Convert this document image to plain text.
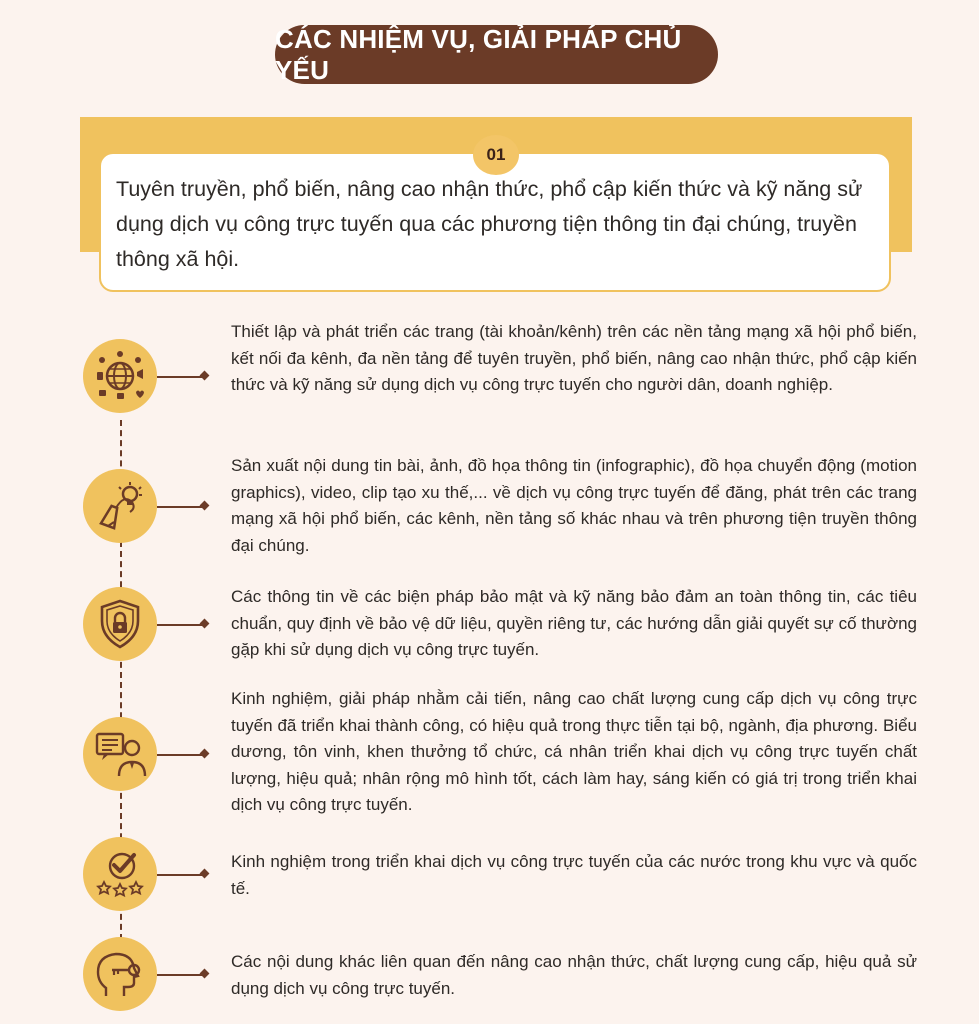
CÁC NHIỆM VỤ, GIẢI PHÁP CHỦ YẾU
01
Tuyên truyền, phổ biến, nâng cao nhận thức, phổ cập kiến thức và kỹ năng sử dụng dịch vụ công trực tuyến qua các phương tiện thông tin đại chúng, truyền thông xã hội.
Thiết lập và phát triển các trang (tài khoản/kênh) trên các nền tảng mạng xã hội phổ biến, kết nối đa kênh, đa nền tảng để tuyên truyền, phổ biến, nâng cao nhận thức, phổ cập kiến thức và kỹ năng sử dụng dịch vụ công trực tuyến cho người dân, doanh nghiệp.
Sản xuất nội dung tin bài, ảnh, đồ họa thông tin (infographic), đồ họa chuyển động (motion graphics), video, clip tạo xu thế,... về dịch vụ công trực tuyến để đăng, phát trên các trang mạng xã hội phổ biến, các kênh, nền tảng số khác nhau và trên phương tiện truyền thông đại chúng.
Các thông tin về các biện pháp bảo mật và kỹ năng bảo đảm an toàn thông tin, các tiêu chuẩn, quy định về bảo vệ dữ liệu, quyền riêng tư, các hướng dẫn giải quyết sự cố thường gặp khi sử dụng dịch vụ công trực tuyến.
Kinh nghiệm, giải pháp nhằm cải tiến, nâng cao chất lượng cung cấp dịch vụ công trực tuyến đã triển khai thành công, có hiệu quả trong thực tiễn tại bộ, ngành, địa phương. Biểu dương, tôn vinh, khen thưởng tổ chức, cá nhân triển khai dịch vụ công trực tuyến chất lượng, hiệu quả; nhân rộng mô hình tốt, cách làm hay, sáng kiến có giá trị trong triển khai dịch vụ công trực tuyến.
Kinh nghiệm trong triển khai dịch vụ công trực tuyến của các nước trong khu vực và quốc tế.
Các nội dung khác liên quan đến nâng cao nhận thức, chất lượng cung cấp, hiệu quả sử dụng dịch vụ công trực tuyến.
